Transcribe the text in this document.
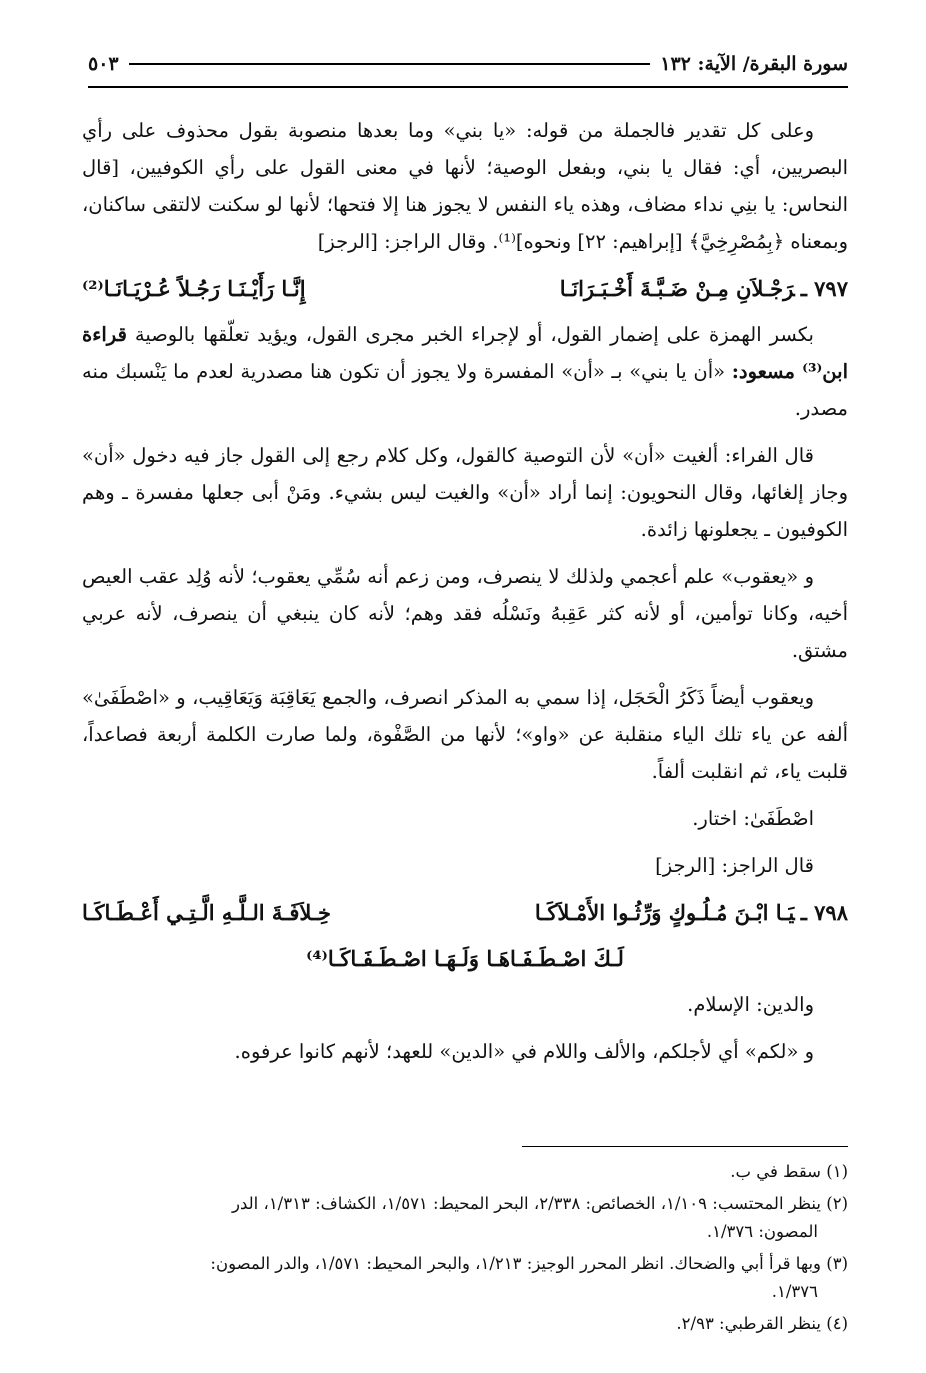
سورة البقرة/ الآية: ١٣٢
٥٠٣

وعلى كل تقدير فالجملة من قوله: «يا بني» وما بعدها منصوبة بقول محذوف على رأي البصريين، أي: فقال يا بني، وبفعل الوصية؛ لأنها في معنى القول على رأي الكوفيين، [قال النحاس: يا بنِي نداء مضاف، وهذه ياء النفس لا يجوز هنا إلا فتحها؛ لأنها لو سكنت لالتقى ساكنان، وبمعناه ﴿بِمُصْرِخِيَّ﴾ [إبراهيم: ٢٢] ونحوه]⁽¹⁾. وقال الراجز: [الرجز]

٧٩٧ ـرَجْـلاَنِ مِـنْ ضَـبَّـةَ أَخْـبَـرَانَـا
إِنَّـا رَأَيْـنَـا رَجُـلاً عُـرْيَـانَـا⁽²⁾

بكسر الهمزة على إضمار القول، أو لإجراء الخبر مجرى القول، ويؤيد تعلّقها بالوصية قراءة ابن⁽³⁾ مسعود: «أن يا بني» بـ «أن» المفسرة ولا يجوز أن تكون هنا مصدرية لعدم ما يَنْسبك منه مصدر.

قال الفراء: ألغيت «أن» لأن التوصية كالقول، وكل كلام رجع إلى القول جاز فيه دخول «أن» وجاز إلغائها، وقال النحويون: إنما أراد «أن» والغيت ليس بشيء. ومَنْ أبى جعلها مفسرة ـ وهم الكوفيون ـ يجعلونها زائدة.

و «يعقوب» علم أعجمي ولذلك لا ينصرف، ومن زعم أنه سُمِّي يعقوب؛ لأنه وُلِد عقب العيص أخيه، وكانا توأمين، أو لأنه كثر عَقِبهُ ونَسْلُه فقد وهم؛ لأنه كان ينبغي أن ينصرف، لأنه عربي مشتق.

ويعقوب أيضاً ذَكَرُ الْحَجَل، إذا سمي به المذكر انصرف، والجمع يَعَاقِبَة وَيَعَاقِيب، و «اصْطَفَىٰ» ألفه عن ياء تلك الياء منقلبة عن «واو»؛ لأنها من الصَّفْوة، ولما صارت الكلمة أربعة فصاعداً، قلبت ياء، ثم انقلبت ألفاً.

اصْطَفَىٰ: اختار.

قال الراجز: [الرجز]

٧٩٨ ـيَـا ابْـنَ مُـلُـوكٍ وَرِّثُـوا الأَمْـلاَكَـا
خِـلاَفَـةَ الـلَّـهِ الَّـتِـي أَعْـطَـاكَـا
لَـكَ اصْـطَـفَـاهَـا وَلَـهَـا اصْـطَـفَـاكَـا⁽⁴⁾

والدين: الإسلام.

و «لكم» أي لأجلكم، والألف واللام في «الدين» للعهد؛ لأنهم كانوا عرفوه.

(١) سقط في ب.
(٢) ينظر المحتسب: ١/١٠٩، الخصائص: ٢/٣٣٨، البحر المحيط: ١/٥٧١، الكشاف: ١/٣١٣، الدر
المصون: ١/٣٧٦.
(٣) وبها قرأ أبي والضحاك. انظر المحرر الوجيز: ١/٢١٣، والبحر المحيط: ١/٥٧١، والدر المصون:
١/٣٧٦.
(٤) ينظر القرطبي: ٢/٩٣.
